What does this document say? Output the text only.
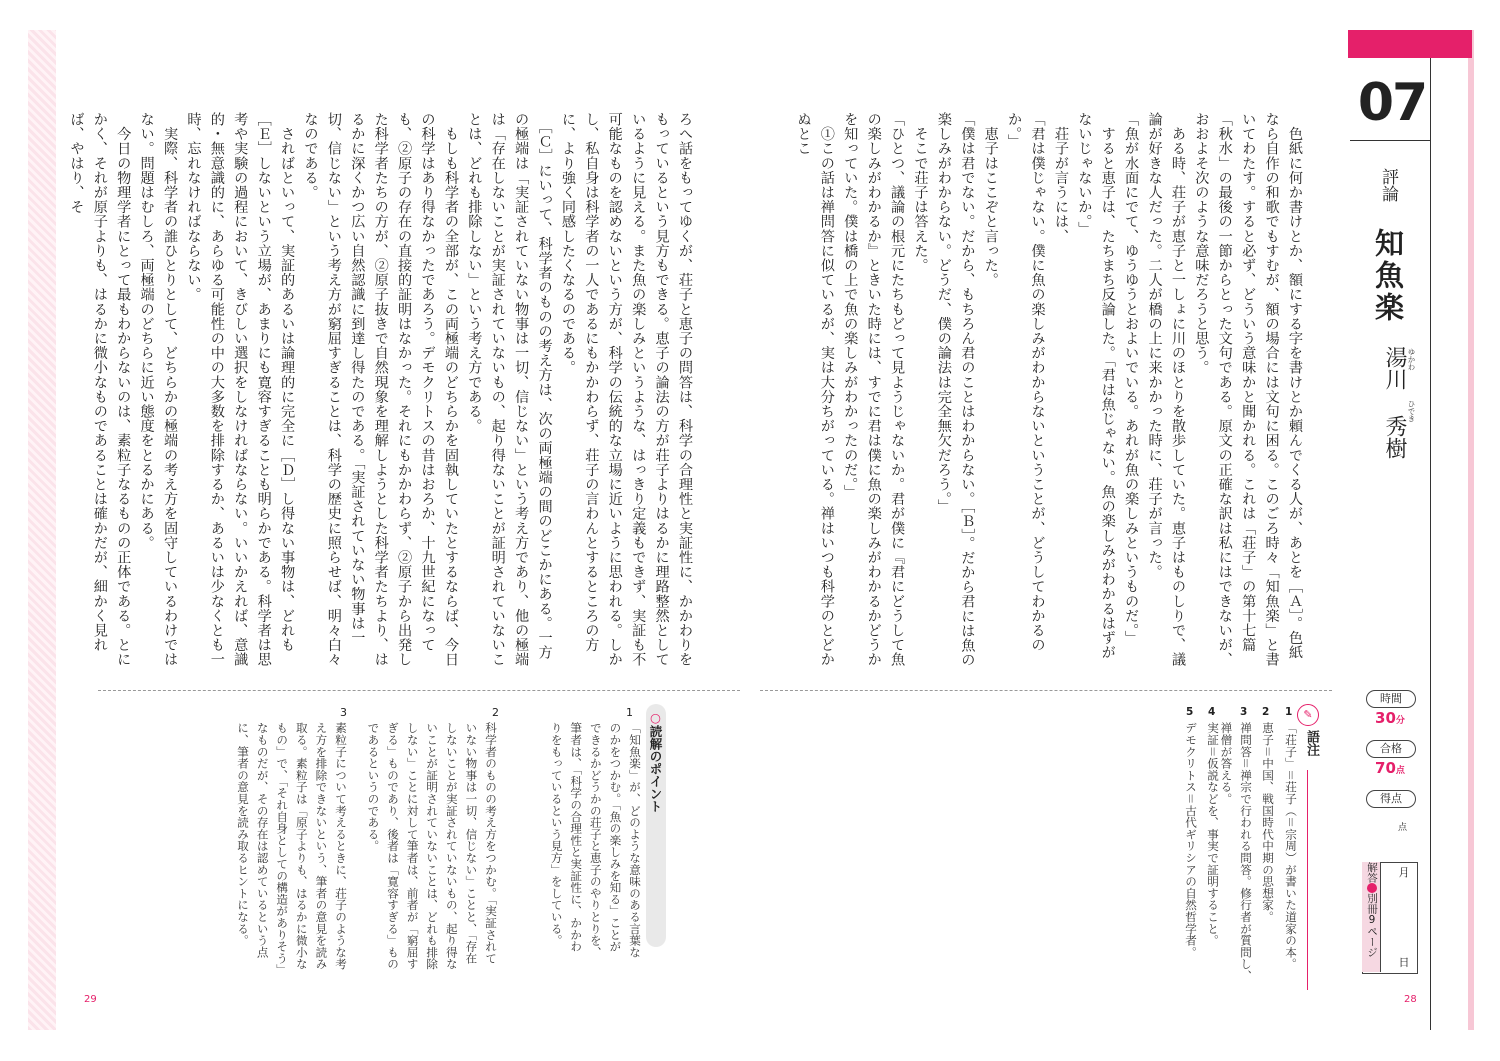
07
評論
知魚楽
湯川 秀樹 ゆかわ
ひでき
時間
30分
合格
70点
得点
点
解答別冊9ページ
月
日
　色紙に何か書けとか、額にする字を書けとか頼んでくる人が、あとを［Ａ］。色紙なら自作の和歌でもすむが、額の場合には文句に困る。このごろ時々「知魚楽」と書いてわたす。すると必ず、どういう意味かと聞かれる。これは「荘子」の第十七篇「秋水」の最後の一節からとった文句である。原文の正確な訳は私にはできないが、おおよそ次のような意味だろうと思う。
　ある時、荘子が恵子と一しょに川のほとりを散歩していた。恵子はものしりで、議論が好きな人だった。二人が橋の上に来かかった時に、荘子が言った。
「魚が水面にでて、ゆうゆうとおよいでいる。あれが魚の楽しみというものだ。」
　すると恵子は、たちまち反論した。「君は魚じゃない。魚の楽しみがわかるはずがないじゃないか。」
　荘子が言うには、
「君は僕じゃない。僕に魚の楽しみがわからないということが、どうしてわかるのか。」
　恵子はここぞと言った。
「僕は君でない。だから、もちろん君のことはわからない。［Ｂ］。だから君には魚の楽しみがわからない。どうだ、僕の論法は完全無欠だろう。」
　そこで荘子は答えた。
「ひとつ、議論の根元にたちもどって見ようじゃないか。君が僕に『君にどうして魚の楽しみがわかるか』ときいた時には、すでに君は僕に魚の楽しみがわかるかどうかを知っていた。僕は橋の上で魚の楽しみがわかったのだ。」
　①この話は禅問答に似ているが、実は大分ちがっている。禅はいつも科学のとどかぬとこ
ろへ話をもってゆくが、荘子と恵子の問答は、科学の合理性と実証性に、かかわりをもっているという見方もできる。恵子の論法の方が荘子よりはるかに理路整然としているように見える。また魚の楽しみというような、はっきり定義もできず、実証も不可能なものを認めないという方が、科学の伝統的な立場に近いように思われる。しかし、私自身は科学者の一人であるにもかかわらず、荘子の言わんとするところの方に、より強く同感したくなるのである。
　［Ｃ］にいって、科学者のものの考え方は、次の両極端の間のどこかにある。一方の極端は「実証されていない物事は一切、信じない」という考え方であり、他の極端は「存在しないことが実証されていないもの、起り得ないことが証明されていないことは、どれも排除しない」という考え方である。
　もしも科学者の全部が、この両極端のどちらかを固執していたとするならば、今日の科学はあり得なかったであろう。デモクリトスの昔はおろか、十九世紀になっても、②原子の存在の直接的証明はなかった。それにもかかわらず、②原子から出発した科学者たちの方が、②原子抜きで自然現象を理解しようとした科学者たちより、はるかに深くかつ広い自然認識に到達し得たのである。「実証されていない物事は一切、信じない」という考え方が窮屈すぎることは、科学の歴史に照らせば、明々白々なのである。
　さればといって、実証的あるいは論理的に完全に［Ｄ］し得ない事物は、どれも［Ｅ］しないという立場が、あまりにも寛容すぎることも明らかである。科学者は思考や実験の過程において、きびしい選択をしなければならない。いいかえれば、意識的・無意識的に、あらゆる可能性の中の大多数を排除するか、あるいは少なくとも一時、忘れなければならない。
　実際、科学者の誰ひとりとして、どちらかの極端の考え方を固守しているわけではない。問題はむしろ、両極端のどちらに近い態度をとるかにある。
　今日の物理学者にとって最もわからないのは、素粒子なるものの正体である。とにかく、それが原子よりも、はるかに微小なものであることは確かだが、細かく見れば、やはり、そ
✎
語注
1
「荘子」＝荘子（＝宗周）が書いた道家の本。
2
恵子＝中国、戦国時代中期の思想家。
3
禅問答＝禅宗で行われる問答。修行者が質問し、禅僧が答える。
4
実証＝仮説などを、事実で証明すること。
5
デモクリトス＝古代ギリシアの自然哲学者。
○読解のポイント
1
「知魚楽」が、どのような意味のある言葉なのかをつかむ。「魚の楽しみを知る」ことができるかどうかの荘子と恵子のやりとりを、筆者は、「科学の合理性と実証性に、かかわりをもっているという見方」をしている。
2
科学者のものの考え方をつかむ。「実証されていない物事は一切、信じない」ことと、「存在しないことが実証されていないもの、起り得ないことが証明されていないことは、どれも排除しない」ことに対して筆者は、前者が「窮屈すぎる」ものであり、後者は「寛容すぎる」ものであるというのである。
3
素粒子について考えるときに、荘子のような考え方を排除できないという、筆者の意見を読み取る。素粒子は「原子よりも、はるかに微小なもの」で、「それ自身としての構造がありそう」なものだが、その存在は認めているという点に、筆者の意見を読み取るヒントになる。
29	28
